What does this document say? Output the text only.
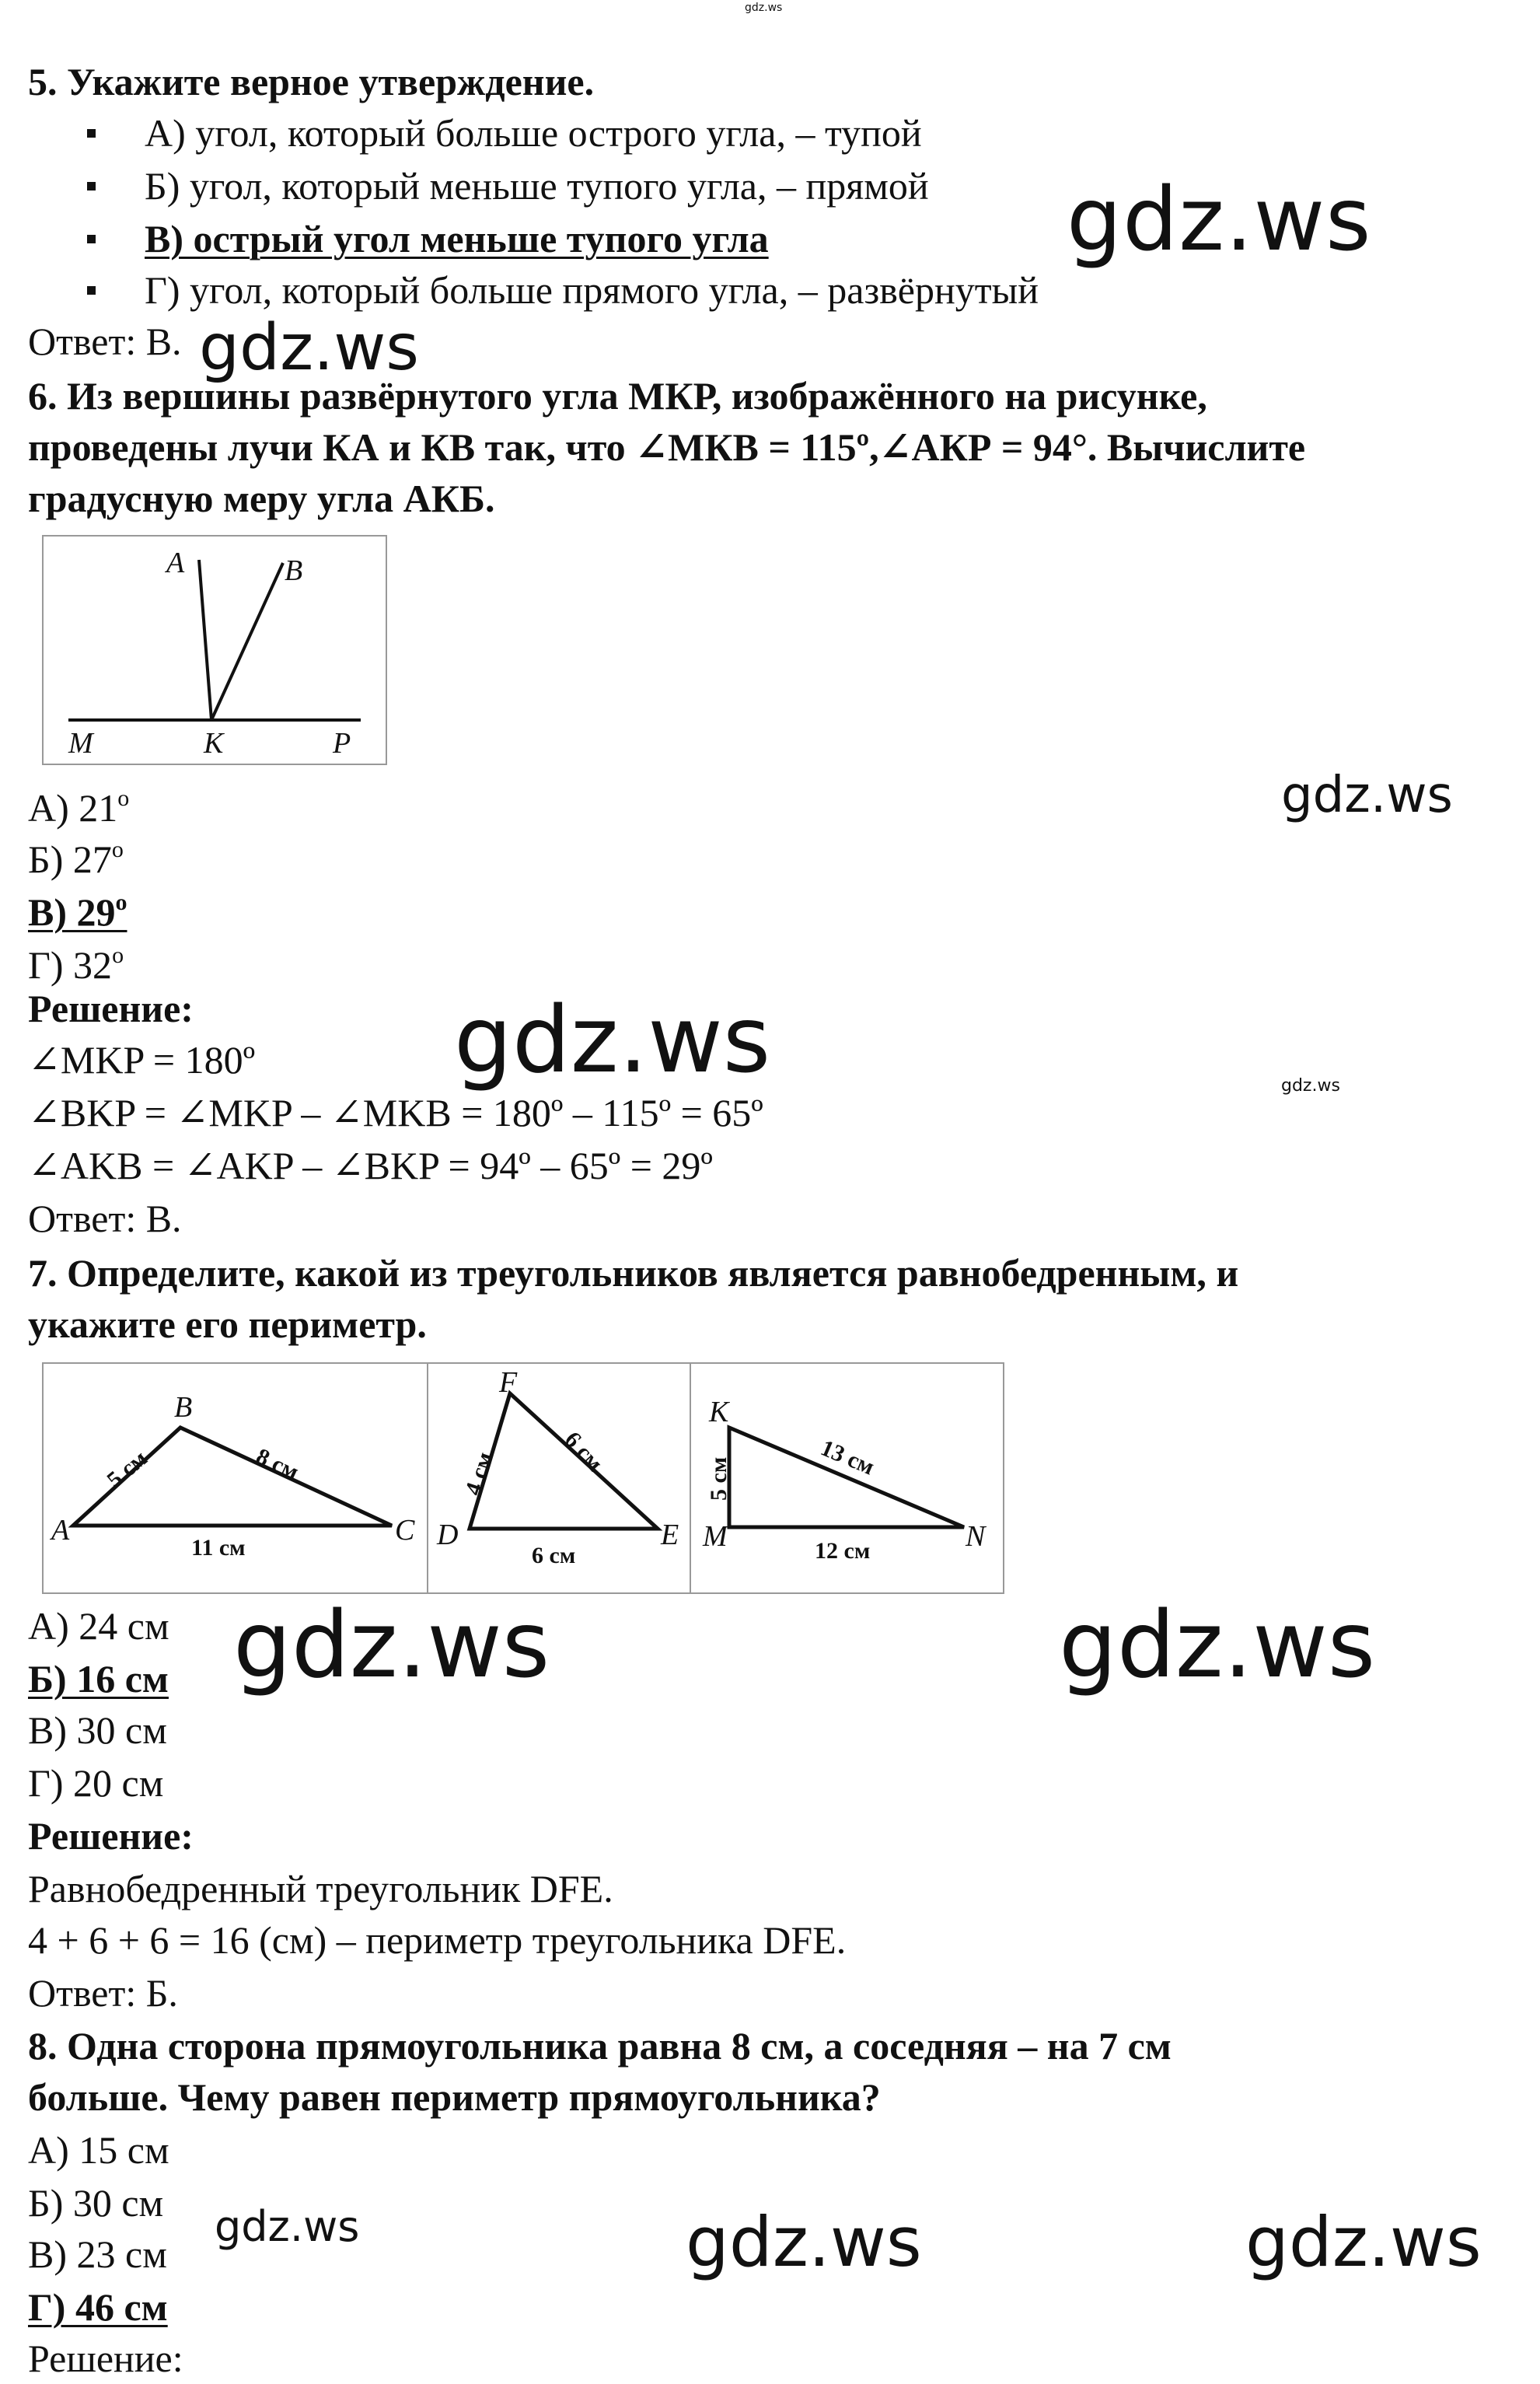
gdz.ws
5. Укажите верное утверждение.
А) угол, который больше острого угла, – тупой
Б) угол, который меньше тупого угла, – прямой
В) острый угол меньше тупого угла
Г) угол, который больше прямого угла, – развёрнутый
Ответ: В.
gdz.ws
gdz.ws
6. Из вершины развёрнутого угла МКР, изображённого на рисунке,
проведены лучи КА и КВ так, что ∠МКВ = 115º,∠АКР = 94°. Вычислите
градусную меру угла АКБ.
A	B
M	K	P
А) $21^о$
Б) $27^о$
В) $29^о$
Г) $32^о$
Решение:
∠MKP = 180º
∠BKP = ∠MKP – ∠MKB = 180º – 115º = 65º
∠AKB = ∠AKP – ∠BKP = 94º – 65º = 29º
Ответ: В.
gdz.ws
gdz.ws	gdz.ws
7. Определите, какой из треугольников является равнобедренным, и
укажите его периметр.
A
B
C
5 см	8 см
11 см
F
D	E
4 см	6 см
6 см
K
M	N
5 см	13 см
12 см
А) 24 см
Б) 16 см
В) 30 см
Г) 20 см
Решение:
Равнобедренный треугольник DFE.
4 + 6 + 6 = 16 (см) – периметр треугольника DFE.
Ответ: Б.
gdz.ws	gdz.ws
8. Одна сторона прямоугольника равна 8 см, а соседняя – на 7 см
больше. Чему равен периметр прямоугольника?
А) 15 см
Б) 30 см
В) 23 см
Г) 46 см
Решение:
gdz.ws	gdz.ws	gdz.ws
